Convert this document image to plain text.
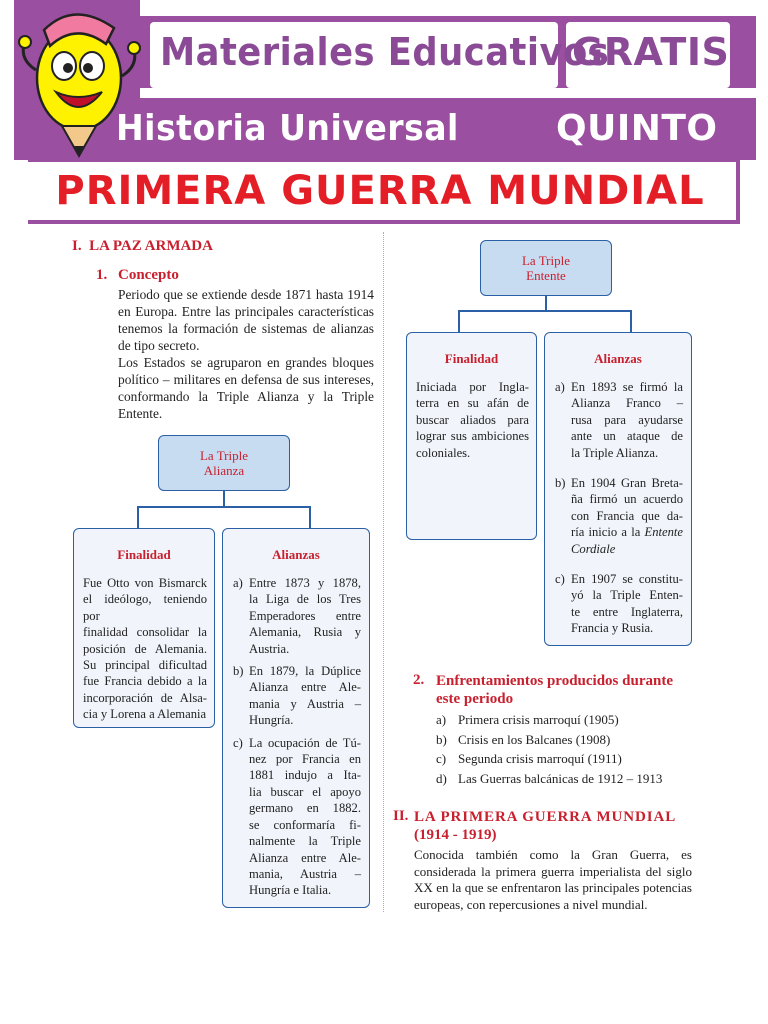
Materiales Educativos
GRATIS
Historia Universal	QUINTO
PRIMERA GUERRA MUNDIAL
I.  LA PAZ ARMADA
1. Concepto

Periodo que se extiende desde 1871 hasta 1914 en Europa. Entre las principales características tenemos la formación de sistemas de alianzas de tipo secreto.

Los Estados se agruparon en grandes bloques político – militares en defensa de sus intereses, conformando la Triple Alianza y la Triple Entente.

La Triple
Alianza
Finalidad
Fue Otto von Bismarck
el ideólogo, teniendo por
finalidad consolidar la
posición de Alemania.
Su principal dificultad
fue Francia debido a la
incorporación de Alsa-
cia y Lorena a Alemania
Alianzas
a) Entre 1873 y 1878,
la Liga de los Tres
Emperadores entre
Alemania, Rusia y
Austria.
b) En 1879, la Dúplice
Alianza entre Ale-
mania y Austria –
Hungría.
c) La ocupación de Tú-
nez por Francia en
1881 indujo a Ita-
lia buscar el apoyo
germano en 1882.
se conformaría fi-
nalmente la Triple
Alianza entre Ale-
mania, Austria –
Hungría e Italia.
La Triple
Entente
Finalidad
Iniciada por Ingla-
terra en su afán de
buscar aliados para
lograr sus ambiciones
coloniales.
Alianzas
a) En 1893 se firmó la
Alianza Franco –
rusa para ayudarse
ante un ataque de
la Triple Alianza.
b) En 1904 Gran Breta-
ña firmó un acuerdo
con Francia que da-
ría inicio a la Entente
Cordiale
c) En 1907 se constitu-
yó la Triple Enten-
te entre Inglaterra,
Francia y Rusia.
2. Enfrentamientos producidos durante
este periodo
a) Primera crisis marroquí (1905)
b) Crisis en los Balcanes (1908)
c) Segunda crisis marroquí (1911)
d) Las Guerras balcánicas de 1912 – 1913
II. LA PRIMERA GUERRA MUNDIAL
(1914 - 1919)

Conocida también como la Gran Guerra, es considerada la primera guerra imperialista del siglo XX en la que se enfrentaron las principales potencias europeas, con repercusiones a nivel mundial.
